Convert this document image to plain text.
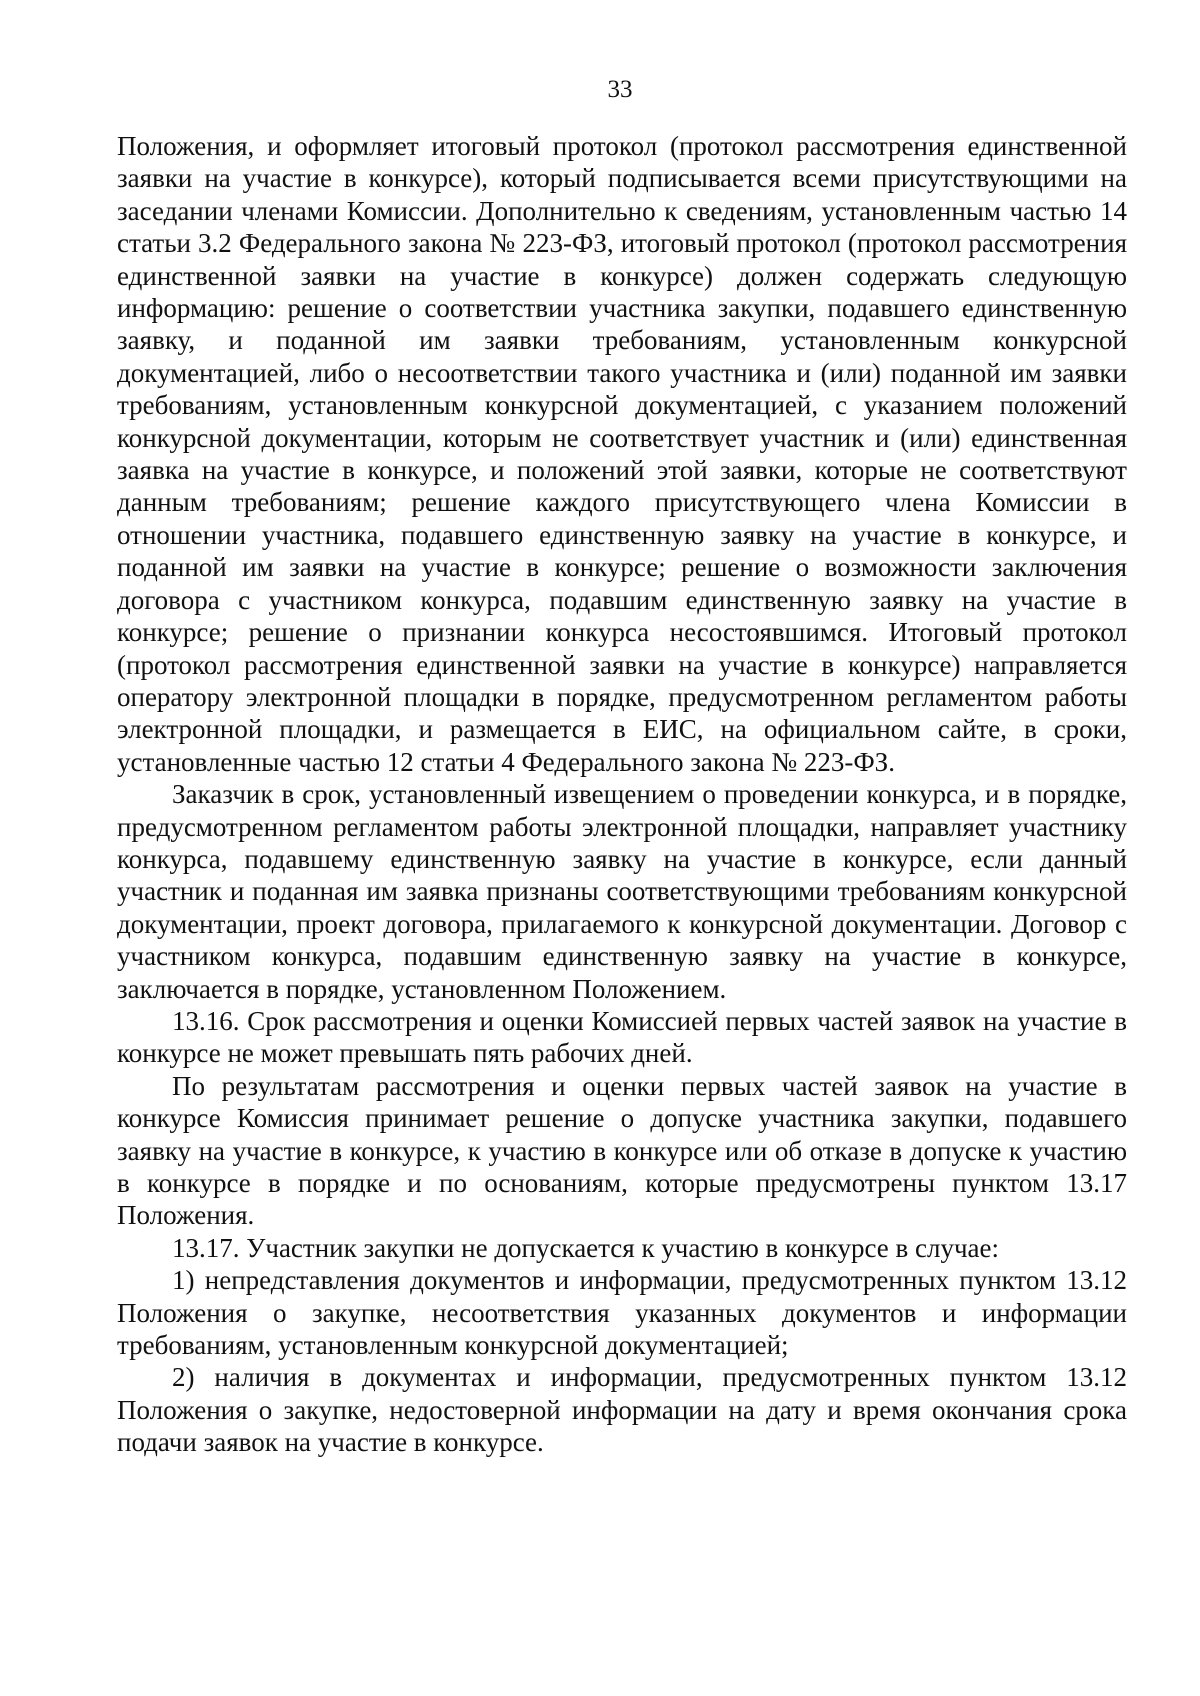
33

Положения, и оформляет итоговый протокол (протокол рассмотрения единственной заявки на участие в конкурсе), который подписывается всеми присутствующими на заседании членами Комиссии. Дополнительно к сведениям, установленным частью 14 статьи 3.2 Федерального закона № 223-ФЗ, итоговый протокол (протокол рассмотрения единственной заявки на участие в конкурсе) должен содержать следующую информацию: решение о соответствии участника закупки, подавшего единственную заявку, и поданной им заявки требованиям, установленным конкурсной документацией, либо о несоответствии такого участника и (или) поданной им заявки требованиям, установленным конкурсной документацией, с указанием положений конкурсной документации, которым не соответствует участник и (или) единственная заявка на участие в конкурсе, и положений этой заявки, которые не соответствуют данным требованиям; решение каждого присутствующего члена Комиссии в отношении участника, подавшего единственную заявку на участие в конкурсе, и поданной им заявки на участие в конкурсе; решение о возможности заключения договора с участником конкурса, подавшим единственную заявку на участие в конкурсе; решение о признании конкурса несостоявшимся. Итоговый протокол (протокол рассмотрения единственной заявки на участие в конкурсе) направляется оператору электронной площадки в порядке, предусмотренном регламентом работы электронной площадки, и размещается в ЕИС, на официальном сайте, в сроки, установленные частью 12 статьи 4 Федерального закона № 223-ФЗ.

Заказчик в срок, установленный извещением о проведении конкурса, и в порядке, предусмотренном регламентом работы электронной площадки, направляет участнику конкурса, подавшему единственную заявку на участие в конкурсе, если данный участник и поданная им заявка признаны соответствующими требованиям конкурсной документации, проект договора, прилагаемого к конкурсной документации. Договор с участником конкурса, подавшим единственную заявку на участие в конкурсе, заключается в порядке, установленном Положением.

13.16. Срок рассмотрения и оценки Комиссией первых частей заявок на участие в конкурсе не может превышать пять рабочих дней.

По результатам рассмотрения и оценки первых частей заявок на участие в конкурсе Комиссия принимает решение о допуске участника закупки, подавшего заявку на участие в конкурсе, к участию в конкурсе или об отказе в допуске к участию в конкурсе в порядке и по основаниям, которые предусмотрены пунктом 13.17 Положения.

13.17. Участник закупки не допускается к участию в конкурсе в случае:

1) непредставления документов и информации, предусмотренных пунктом 13.12 Положения о закупке, несоответствия указанных документов и информации требованиям, установленным конкурсной документацией;

2) наличия в документах и информации, предусмотренных пунктом 13.12 Положения о закупке, недостоверной информации на дату и время окончания срока подачи заявок на участие в конкурсе.
